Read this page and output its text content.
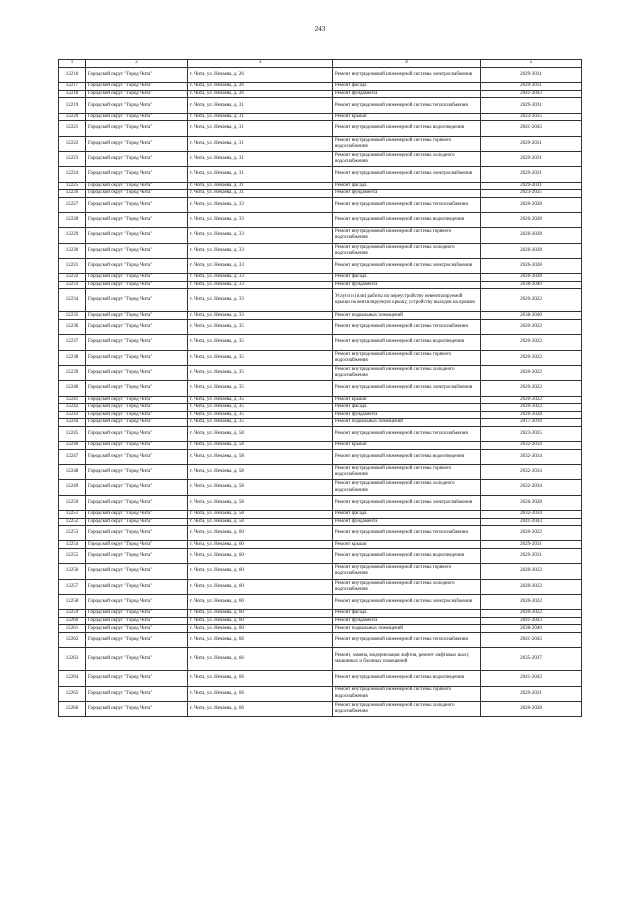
243
1	2	3	4	5
12216	Городской округ "Город Чита"	г. Чита, ул. Нечаева, д. 26	Ремонт внутридомовой инженерной системы электроснабжения	2029-2031
12217	Городской округ "Город Чита"	г. Чита, ул. Нечаева, д. 26	Ремонт фасада	2029-2031
12218	Городской округ "Город Чита"	г. Чита, ул. Нечаева, д. 26	Ремонт фундамента	2041-2043
12219	Городской округ "Город Чита"	г. Чита, ул. Нечаева, д. 31	Ремонт внутридомовой инженерной системы теплоснабжения	2029-2031
12220	Городской округ "Город Чита"	г. Чита, ул. Нечаева, д. 31	Ремонт крыши	2023-2025
12221	Городской округ "Город Чита"	г. Чита, ул. Нечаева, д. 31	Ремонт внутридомовой инженерной системы водоотведения	2041-2043
12222	Городской округ "Город Чита"	г. Чита, ул. Нечаева, д. 31	Ремонт внутридомовой инженерной системы горячего водоснабжения	2029-2031
12223	Городской округ "Город Чита"	г. Чита, ул. Нечаева, д. 31	Ремонт внутридомовой инженерной системы холодного водоснабжения	2029-2031
12224	Городской округ "Город Чита"	г. Чита, ул. Нечаева, д. 31	Ремонт внутридомовой инженерной системы электроснабжения	2029-2031
12225	Городской округ "Город Чита"	г. Чита, ул. Нечаева, д. 31	Ремонт фасада	2029-2031
12226	Городской округ "Город Чита"	г. Чита, ул. Нечаева, д. 31	Ремонт фундамента	2023-2025
12227	Городской округ "Город Чита"	г. Чита, ул. Нечаева, д. 33	Ремонт внутридомовой инженерной системы теплоснабжения	2026-2028
12228	Городской округ "Город Чита"	г. Чита, ул. Нечаева, д. 33	Ремонт внутридомовой инженерной системы водоотведения	2026-2028
12229	Городской округ "Город Чита"	г. Чита, ул. Нечаева, д. 33	Ремонт внутридомовой инженерной системы горячего водоснабжения	2026-2028
12230	Городской округ "Город Чита"	г. Чита, ул. Нечаева, д. 33	Ремонт внутридомовой инженерной системы холодного водоснабжения	2026-2028
12231	Городской округ "Город Чита"	г. Чита, ул. Нечаева, д. 33	Ремонт внутридомовой инженерной системы электроснабжения	2026-2028
12232	Городской округ "Город Чита"	г. Чита, ул. Нечаева, д. 33	Ремонт фасада	2026-2028
12233	Городской округ "Город Чита"	г. Чита, ул. Нечаева, д. 33	Ремонт фундамента	2038-2040
12234	Городской округ "Город Чита"	г. Чита, ул. Нечаева, д. 33	Услуги и (или) работы по переустройству невентилируемой крыши на вентилируемую крышу, устройству выходов на кровлю	2020-2022
12235	Городской округ "Город Чита"	г. Чита, ул. Нечаева, д. 33	Ремонт подвальных помещений	2038-2040
12236	Городской округ "Город Чита"	г. Чита, ул. Нечаева, д. 35	Ремонт внутридомовой инженерной системы теплоснабжения	2020-2022
12237	Городской округ "Город Чита"	г. Чита, ул. Нечаева, д. 35	Ремонт внутридомовой инженерной системы водоотведения	2020-2022
12238	Городской округ "Город Чита"	г. Чита, ул. Нечаева, д. 35	Ремонт внутридомовой инженерной системы горячего водоснабжения	2020-2022
12239	Городской округ "Город Чита"	г. Чита, ул. Нечаева, д. 35	Ремонт внутридомовой инженерной системы холодного водоснабжения	2020-2022
12240	Городской округ "Город Чита"	г. Чита, ул. Нечаева, д. 35	Ремонт внутридомовой инженерной системы электроснабжения	2020-2022
12241	Городской округ "Город Чита"	г. Чита, ул. Нечаева, д. 35	Ремонт крыши	2020-2022
12242	Городской округ "Город Чита"	г. Чита, ул. Нечаева, д. 35	Ремонт фасада	2020-2022
12243	Городской округ "Город Чита"	г. Чита, ул. Нечаева, д. 35	Ремонт фундамента	2026-2028
12244	Городской округ "Город Чита"	г. Чита, ул. Нечаева, д. 35	Ремонт подвальных помещений	2017-2019
12245	Городской округ "Город Чита"	г. Чита, ул. Нечаева, д. 58	Ремонт внутридомовой инженерной системы теплоснабжения	2023-2025
12246	Городской округ "Город Чита"	г. Чита, ул. Нечаева, д. 58	Ремонт крыши	2032-2034
12247	Городской округ "Город Чита"	г. Чита, ул. Нечаева, д. 58	Ремонт внутридомовой инженерной системы водоотведения	2032-2034
12248	Городской округ "Город Чита"	г. Чита, ул. Нечаева, д. 58	Ремонт внутридомовой инженерной системы горячего водоснабжения	2032-2034
12249	Городской округ "Город Чита"	г. Чита, ул. Нечаева, д. 58	Ремонт внутридомовой инженерной системы холодного водоснабжения	2032-2034
12250	Городской округ "Город Чита"	г. Чита, ул. Нечаева, д. 58	Ремонт внутридомовой инженерной системы электроснабжения	2026-2028
12251	Городской округ "Город Чита"	г. Чита, ул. Нечаева, д. 58	Ремонт фасада	2032-2034
12252	Городской округ "Город Чита"	г. Чита, ул. Нечаева, д. 58	Ремонт фундамента	2041-2043
12253	Городской округ "Город Чита"	г. Чита, ул. Нечаева, д. 60	Ремонт внутридомовой инженерной системы теплоснабжения	2020-2022
12254	Городской округ "Город Чита"	г. Чита, ул. Нечаева, д. 60	Ремонт крыши	2029-2031
12255	Городской округ "Город Чита"	г. Чита, ул. Нечаева, д. 60	Ремонт внутридомовой инженерной системы водоотведения	2029-2031
12256	Городской округ "Город Чита"	г. Чита, ул. Нечаева, д. 60	Ремонт внутридомовой инженерной системы горячего водоснабжения	2020-2022
12257	Городской округ "Город Чита"	г. Чита, ул. Нечаева, д. 60	Ремонт внутридомовой инженерной системы холодного водоснабжения	2020-2022
12258	Городской округ "Город Чита"	г. Чита, ул. Нечаева, д. 60	Ремонт внутридомовой инженерной системы электроснабжения	2020-2022
12259	Городской округ "Город Чита"	г. Чита, ул. Нечаева, д. 60	Ремонт фасада	2020-2022
12260	Городской округ "Город Чита"	г. Чита, ул. Нечаева, д. 60	Ремонт фундамента	2041-2043
12261	Городской округ "Город Чита"	г. Чита, ул. Нечаева, д. 60	Ремонт подвальных помещений	2038-2040
12262	Городской округ "Город Чита"	г. Чита, ул. Нечаева, д. 66	Ремонт внутридомовой инженерной системы теплоснабжения	2041-2043
12263	Городской округ "Город Чита"	г. Чита, ул. Нечаева, д. 66	Ремонт, замена, модернизация лифтов, ремонт лифтовых шахт, машинных и блочных помещений	2035-2037
12264	Городской округ "Город Чита"	г. Чита, ул. Нечаева, д. 66	Ремонт внутридомовой инженерной системы водоотведения	2041-2043
12265	Городской округ "Город Чита"	г. Чита, ул. Нечаева, д. 66	Ремонт внутридомовой инженерной системы горячего водоснабжения	2029-2031
12266	Городской округ "Город Чита"	г. Чита, ул. Нечаева, д. 66	Ремонт внутридомовой инженерной системы холодного водоснабжения	2026-2028
